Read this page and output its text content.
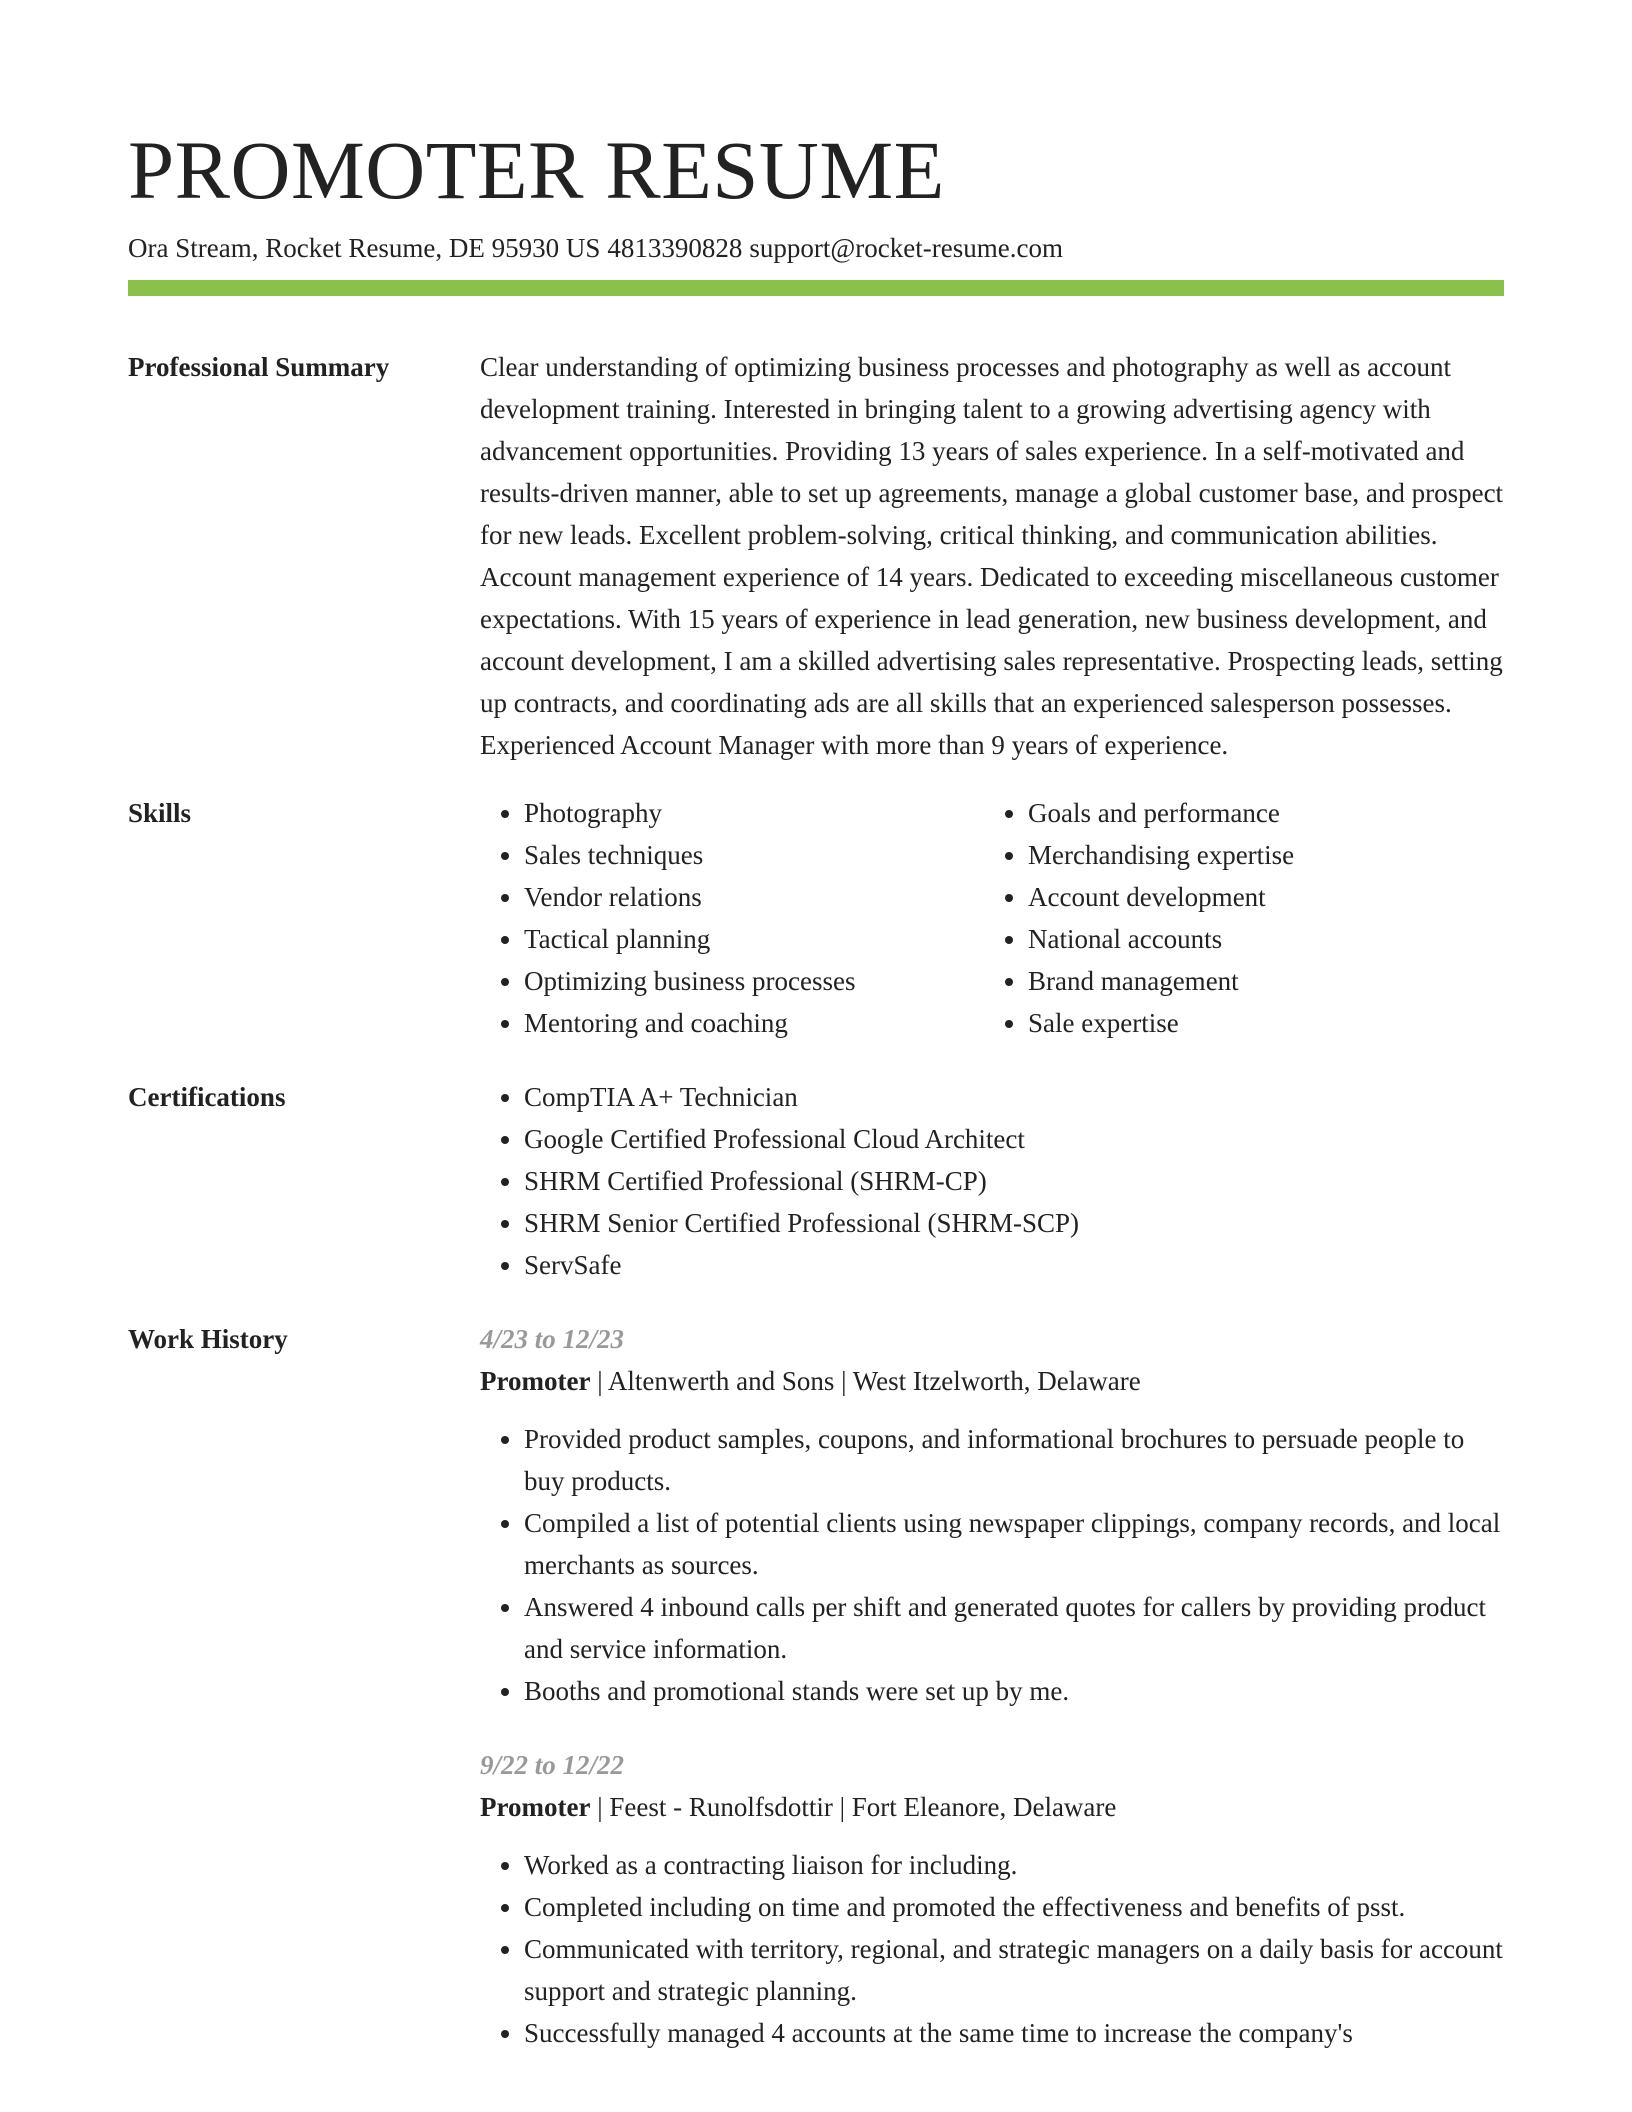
PROMOTER RESUME
Ora Stream, Rocket Resume, DE 95930 US 4813390828 support@rocket-resume.com
Professional Summary	Clear understanding of optimizing business processes and photography as well as account development training. Interested in bringing talent to a growing advertising agency with advancement opportunities. Providing 13 years of sales experience. In a self-motivated and results-driven manner, able to set up agreements, manage a global customer base, and prospect for new leads. Excellent problem-solving, critical thinking, and communication abilities. Account management experience of 14 years. Dedicated to exceeding miscellaneous customer expectations. With 15 years of experience in lead generation, new business development, and account development, I am a skilled advertising sales representative. Prospecting leads, setting up contracts, and coordinating ads are all skills that an experienced salesperson possesses. Experienced Account Manager with more than 9 years of experience.

Skills	• Photography
• Sales techniques
• Vendor relations
• Tactical planning
• Optimizing business processes
• Mentoring and coaching
• Goals and performance
• Merchandising expertise
• Account development
• National accounts
• Brand management
• Sale expertise
Certifications	• CompTIA A+ Technician
• Google Certified Professional Cloud Architect
• SHRM Certified Professional (SHRM-CP)
• SHRM Senior Certified Professional (SHRM-SCP)
• ServSafe
Work History	4/23 to 12/23
Promoter | Altenwerth and Sons | West Itzelworth, Delaware
• Provided product samples, coupons, and informational brochures to persuade people to buy products.
• Compiled a list of potential clients using newspaper clippings, company records, and local merchants as sources.
• Answered 4 inbound calls per shift and generated quotes for callers by providing product and service information.
• Booths and promotional stands were set up by me.
9/22 to 12/22
Promoter | Feest - Runolfsdottir | Fort Eleanore, Delaware
• Worked as a contracting liaison for including.
• Completed including on time and promoted the effectiveness and benefits of psst.
• Communicated with territory, regional, and strategic managers on a daily basis for account support and strategic planning.
• Successfully managed 4 accounts at the same time to increase the company's
